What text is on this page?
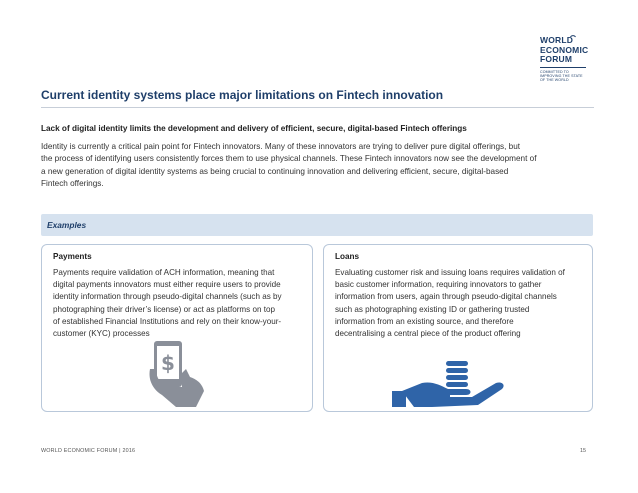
WORLD
ECONOMIC
FORUM
COMMITTED TO
IMPROVING THE STATE
OF THE WORLD
Current identity systems place major limitations on Fintech innovation
Lack of digital identity limits the development and delivery of efficient, secure, digital-based Fintech offerings
Identity is currently a critical pain point for Fintech innovators. Many of these innovators are trying to deliver pure digital offerings, but
the process of identifying users consistently forces them to use physical channels. These Fintech innovators now see the development of
a new generation of digital identity systems as being crucial to continuing innovation and delivering efficient, secure, digital-based
Fintech offerings.
Examples
Payments
Payments require validation of ACH information, meaning that
digital payments innovators must either require users to provide
identity information through pseudo-digital channels (such as by
photographing their driver’s license) or act as platforms on top
of established Financial Institutions and rely on their know-your-
customer (KYC) processes
$
Loans
Evaluating customer risk and issuing loans requires validation of
basic customer information, requiring innovators to gather
information from users, again through pseudo-digital channels
such as photographing existing ID or gathering trusted
information from an existing source, and therefore
decentralising a central piece of the product offering
WORLD ECONOMIC FORUM | 2016	15
